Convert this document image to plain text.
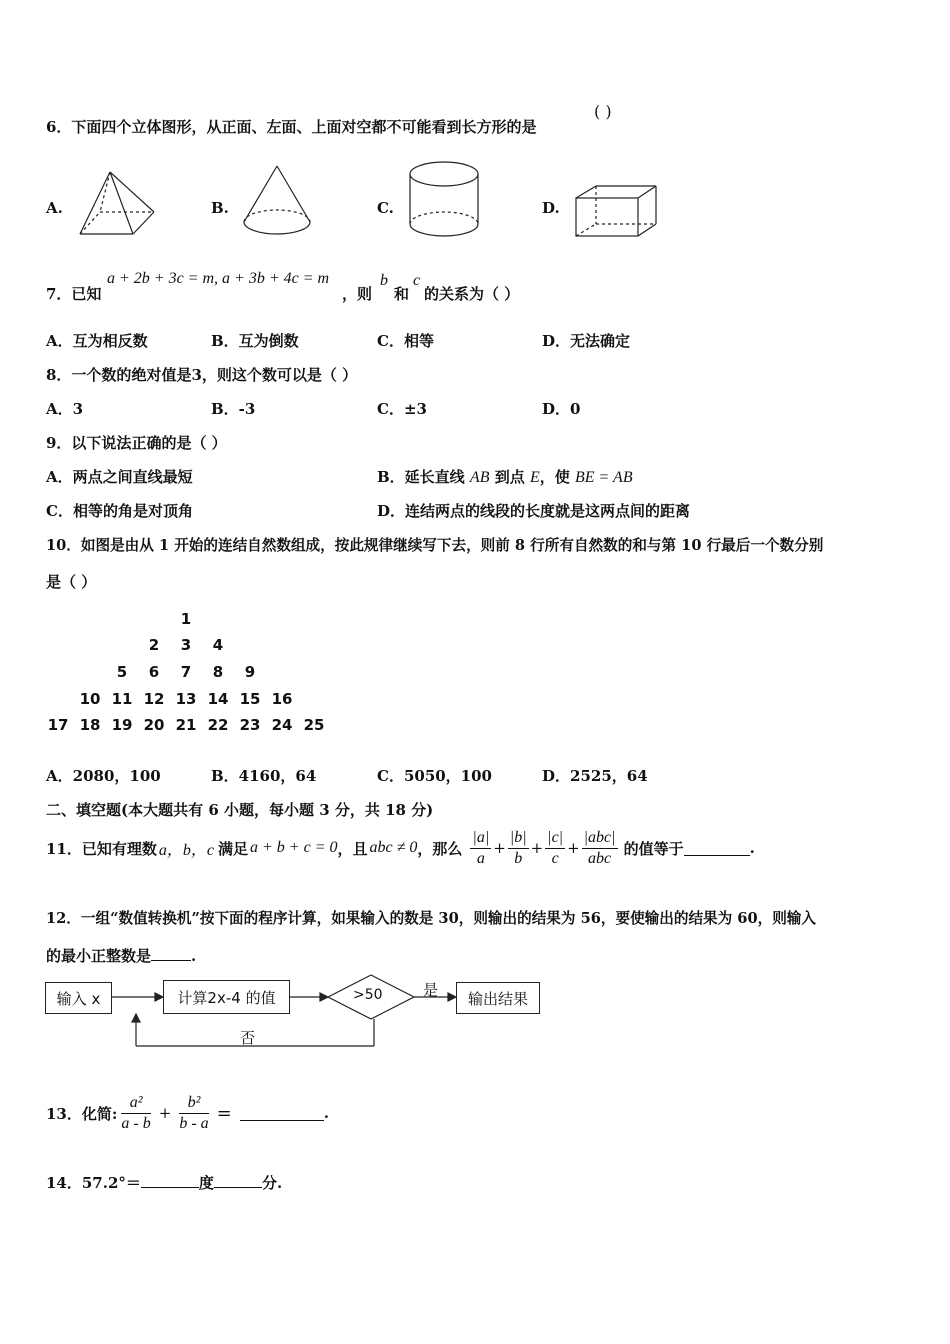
6．下面四个立体图形，从正面、左面、上面对空都不可能看到长方形的是
( )
A.	B.	C.	D.
7．已知
a + 2b + 3c = m, a + 3b + 4c = m
，则
b
和
c
的关系为（ ）
A．互为相反数	B．互为倒数	C．相等	D．无法确定
8．一个数的绝对值是3，则这个数可以是（ ）
A．3	B．-3	C．±3	D．0
9．以下说法正确的是（ ）
A．两点之间直线最短	B．延长直线 AB 到点 E，使 BE = AB
C．相等的角是对顶角	D．连结两点的线段的长度就是这两点间的距离
10．如图是由从 1 开始的连结自然数组成，按此规律继续写下去，则前 8 行所有自然数的和与第 10 行最后一个数分别
是（ ）
1
2	3	4
5	6	7	8	9
10 11 12 13 14 15 16
17 18 19 20 21 22 23 24 25
A．2080，100	B．4160，64	C．5050，100	D．2525，64
二、填空题(本大题共有 6 小题，每小题 3 分，共 18 分)
11．已知有理数 a，b，c 满足 a + b + c = 0 ，且 abc ≠ 0 ，那么 $\frac{|a|}{a} + \frac{|b|}{b} + \frac{|c|}{c} + \frac{\text{|abc|}}{\text{abc}}$ 的值等于	.
12．一组“数值转换机”按下面的程序计算，如果输入的数是 30，则输出的结果为 56，要使输出的结果为 60，则输入
的最小正整数是	.
输入 x	计算2x-4 的值	输出结果
>50	是
否
13．化简: $\frac{\text{a²}}{a - b} + \frac{\text{b²}}{b - a}$ =	.
14．57.2°＝	度	分.
